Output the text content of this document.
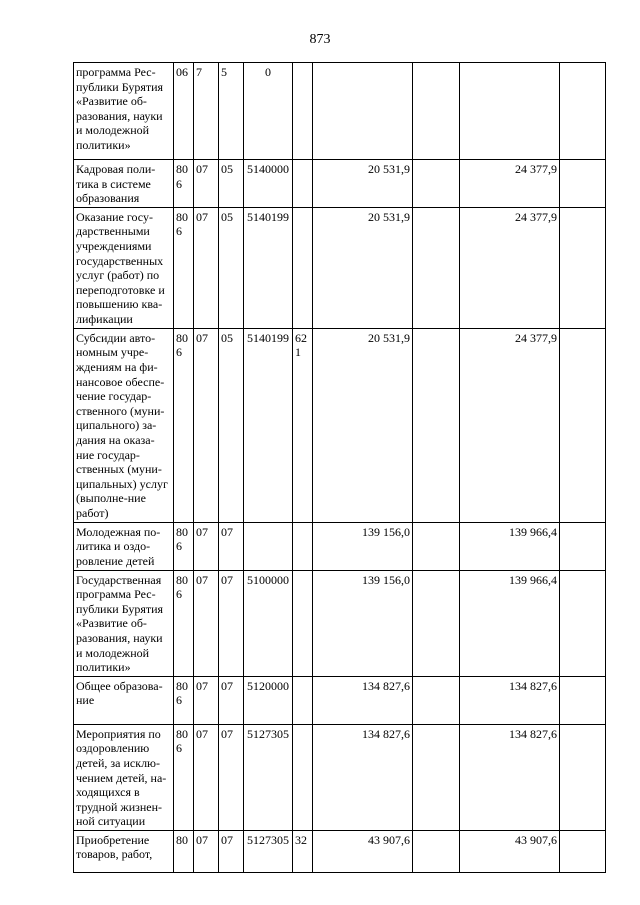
873
программа Рес-публики Бурятия «Развитие об-разования, науки и молодежной политики»	06	7	5	0					
Кадровая поли-тика в системе образования	806	07	05	5140000		20 531,9		24 377,9	
Оказание госу-дарственными учреждениями государственных услуг (работ) по переподготовке и повышению ква-лификации	806	07	05	5140199		20 531,9		24 377,9	
Субсидии авто-номным учре-ждениям на фи-нансовое обеспе-чение государ-ственного (муни-ципального) за-дания на оказа-ние государ-ственных (муни-ципальных) услуг (выполне-ние работ)	806	07	05	5140199	621	20 531,9		24 377,9	
Молодежная по-литика и оздо-ровление детей	806	07	07			139 156,0		139 966,4	
Государственная программа Рес-публики Бурятия «Развитие об-разования, науки и молодежной политики»	806	07	07	5100000		139 156,0		139 966,4	
Общее образова-ние	806	07	07	5120000		134 827,6		134 827,6	
Мероприятия по оздоровлению детей, за исклю-чением детей, на-ходящихся в трудной жизнен-ной ситуации	806	07	07	5127305		134 827,6		134 827,6	
Приобретение товаров, работ,	80	07	07	5127305	32	43 907,6		43 907,6	
